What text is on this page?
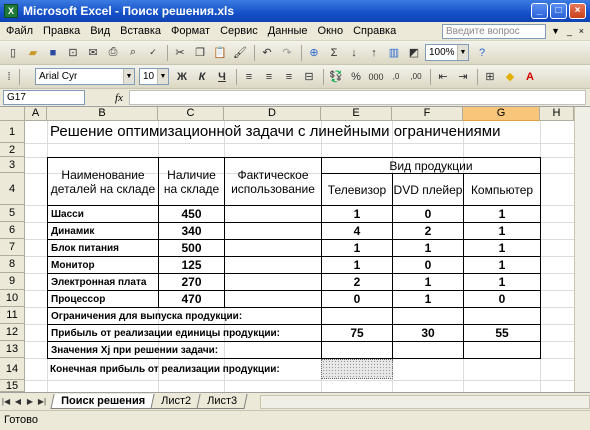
X Microsoft Excel - Поиск решения.xls	_	□	×
Файл Правка Вид Вставка Формат Сервис Данные Окно Справка	Введите вопрос	▼ _ ×
▯	▰	■	⊡ ✉ ⎙	⌕	✓	✂ ❐ 📋 🖌	↶ ↷	⊕	Σ	↓	↑	▥ ◩ 100% ▼	?
⁞	Arial Cyr	▼	10 ▼ Ж	К	Ч	≡	≡	≡	⊟	💱 % 000	,0	,00	⇤ ⇥	⊞	◆	A
G17	fx
A	B	C	D	E	F	G	H
1
2
3
4
5
6
7
8
9
10
11
12
13
14
15
Решение оптимизационной задачи с линейными ограничениями
Наименование деталей на складе
Наличие на складе
Фактическое использование
Вид продукции
Телевизор DVD плейер Компьютер
Шасси	450	1	0	1
Динамик	340	4	2	1
Блок питания	500	1	1	1
Монитор	125	1	0	1
Электронная плата	270	2	1	1
Процессор	470	0	1	0
Ограничения для выпуска продукции:
Прибыль от реализации единицы продукции:	75	30	55
Значения Xj при решении задачи:
Конечная прибыль от реализации продукции:
|◀ ◀ ▶ ▶|	Поиск решения	Лист2	Лист3
Готово
